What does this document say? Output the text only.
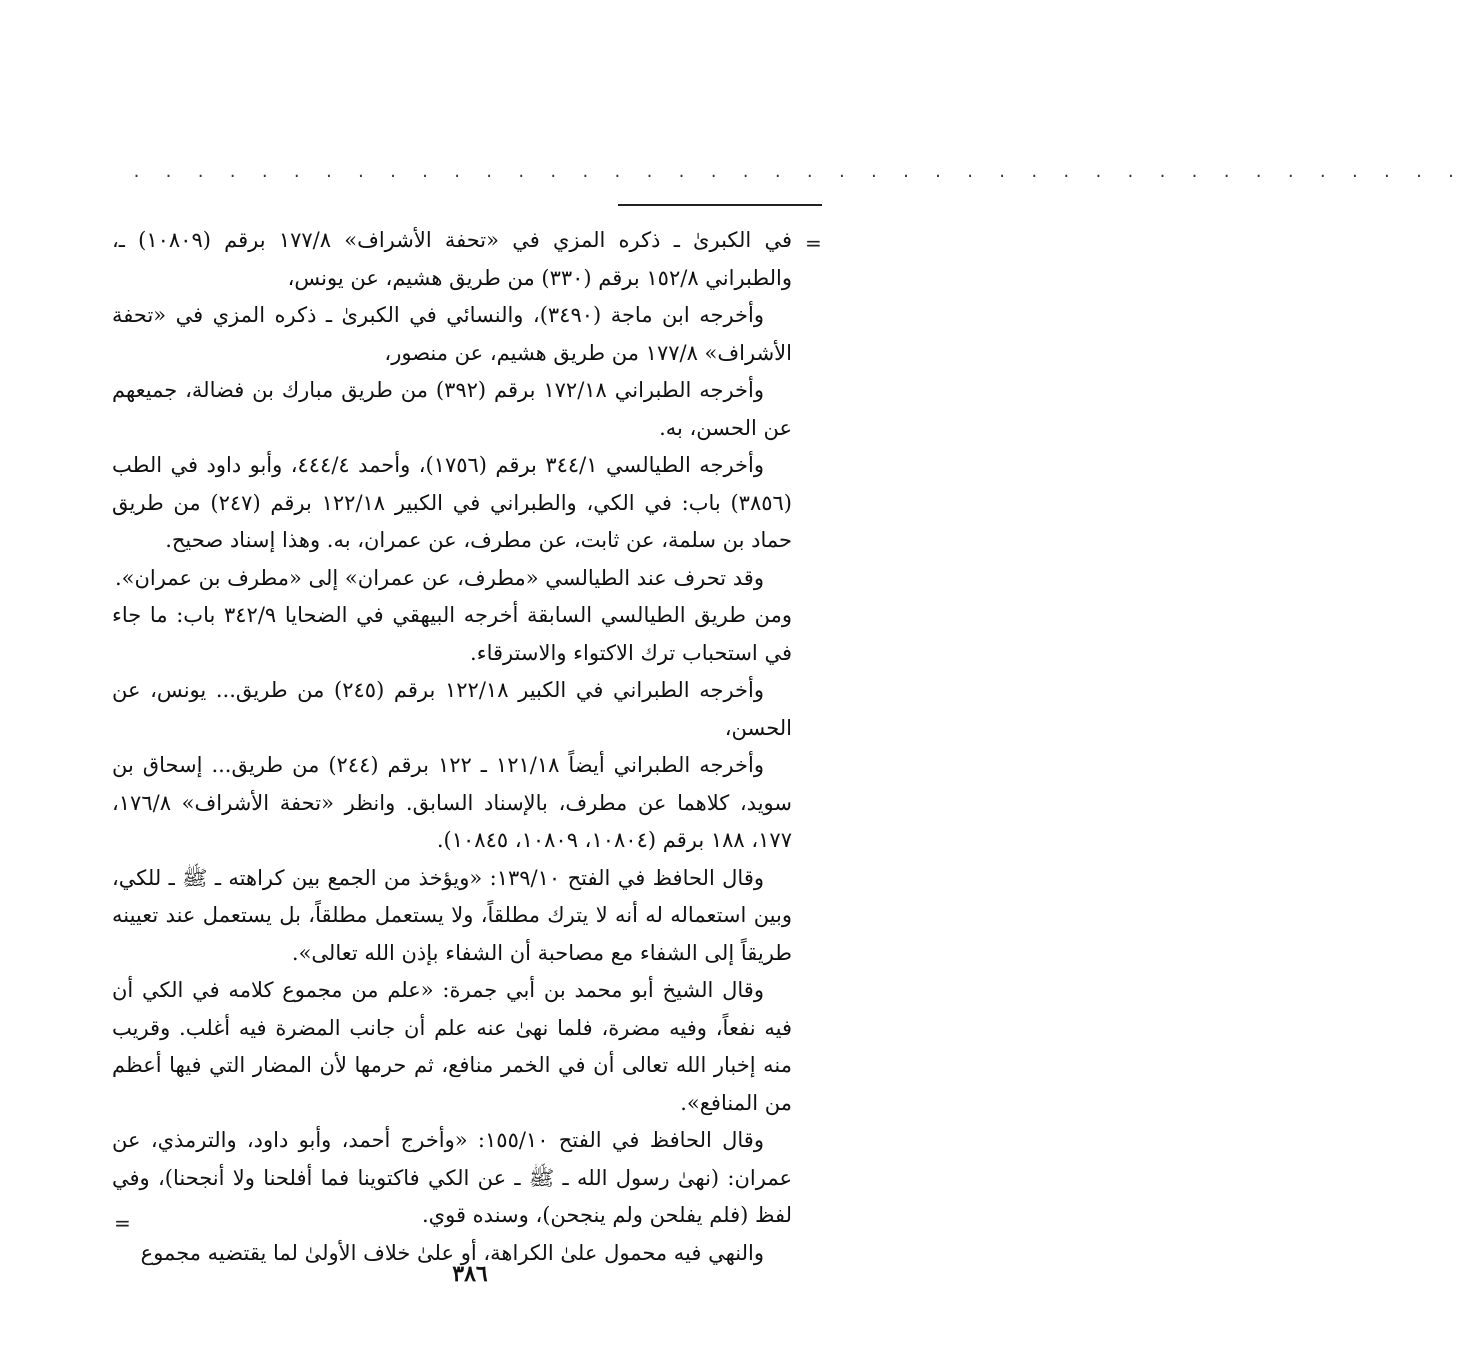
. . . . . . . . . . . . . . . . . . . . . . . . . . . . . . . . . . . . . . . . . .
=

في الكبرىٰ ـ ذكره المزي في «تحفة الأشراف» ١٧٧/٨ برقم (١٠٨٠٩) ـ، والطبراني ١٥٢/٨ برقم (٣٣٠) من طريق هشيم، عن يونس،

وأخرجه ابن ماجة (٣٤٩٠)، والنسائي في الكبرىٰ ـ ذكره المزي في «تحفة الأشراف» ١٧٧/٨ من طريق هشيم، عن منصور،

وأخرجه الطبراني ١٧٢/١٨ برقم (٣٩٢) من طريق مبارك بن فضالة، جميعهم عن الحسن، به.

وأخرجه الطيالسي ٣٤٤/١ برقم (١٧٥٦)، وأحمد ٤٤٤/٤، وأبو داود في الطب (٣٨٥٦) باب: في الكي، والطبراني في الكبير ١٢٢/١٨ برقم (٢٤٧) من طريق حماد بن سلمة، عن ثابت، عن مطرف، عن عمران، به. وهذا إسناد صحيح.

وقد تحرف عند الطيالسي «مطرف، عن عمران» إلى «مطرف بن عمران».

ومن طريق الطيالسي السابقة أخرجه البيهقي في الضحايا ٣٤٢/٩ باب: ما جاء في استحباب ترك الاكتواء والاسترقاء.

وأخرجه الطبراني في الكبير ١٢٢/١٨ برقم (٢٤٥) من طريق... يونس، عن الحسن،

وأخرجه الطبراني أيضاً ١٢١/١٨ ـ ١٢٢ برقم (٢٤٤) من طريق... إسحاق بن سويد، كلاهما عن مطرف، بالإسناد السابق. وانظر «تحفة الأشراف» ١٧٦/٨، ١٧٧، ١٨٨ برقم (١٠٨٠٤، ١٠٨٠٩، ١٠٨٤٥).

وقال الحافظ في الفتح ١٣٩/١٠: «ويؤخذ من الجمع بين كراهته ـ ﷺ ـ للكي، وبين استعماله له أنه لا يترك مطلقاً، ولا يستعمل مطلقاً، بل يستعمل عند تعيينه طريقاً إلى الشفاء مع مصاحبة أن الشفاء بإذن الله تعالى».

وقال الشيخ أبو محمد بن أبي جمرة: «علم من مجموع كلامه في الكي أن فيه نفعاً، وفيه مضرة، فلما نهىٰ عنه علم أن جانب المضرة فيه أغلب. وقريب منه إخبار الله تعالى أن في الخمر منافع، ثم حرمها لأن المضار التي فيها أعظم من المنافع».

وقال الحافظ في الفتح ١٥٥/١٠: «وأخرج أحمد، وأبو داود، والترمذي، عن عمران: (نهىٰ رسول الله ـ ﷺ ـ عن الكي فاكتوينا فما أفلحنا ولا أنجحنا)، وفي لفظ (فلم يفلحن ولم ينجحن)، وسنده قوي.

والنهي فيه محمول علىٰ الكراهة، أو علىٰ خلاف الأولىٰ لما يقتضيه مجموع

=
٣٨٦
